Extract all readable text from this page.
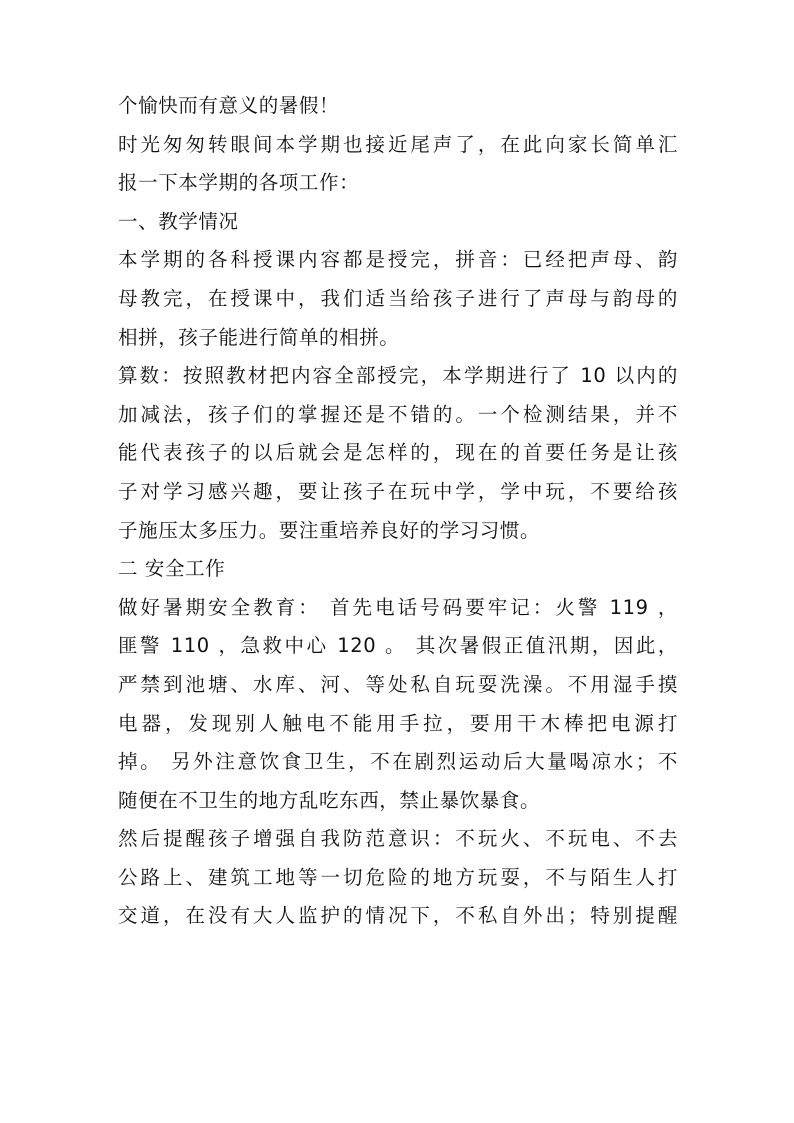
个愉快而有意义的暑假！
时光匆匆转眼间本学期也接近尾声了，在此向家长简单汇
报一下本学期的各项工作：
一、教学情况
本学期的各科授课内容都是授完，拼音：已经把声母、韵
母教完，在授课中，我们适当给孩子进行了声母与韵母的
相拼，孩子能进行简单的相拼。
算数：按照教材把内容全部授完，本学期进行了 10 以内的
加减法，孩子们的掌握还是不错的。一个检测结果，并不
能代表孩子的以后就会是怎样的，现在的首要任务是让孩
子对学习感兴趣，要让孩子在玩中学，学中玩，不要给孩
子施压太多压力。要注重培养良好的学习习惯。
二 安全工作
做好暑期安全教育： 首先电话号码要牢记：火警 119 ，
匪警 110 ，急救中心 120 。 其次暑假正值汛期，因此，
严禁到池塘、水库、河、等处私自玩耍洗澡。不用湿手摸
电器，发现别人触电不能用手拉，要用干木棒把电源打
掉。 另外注意饮食卫生，不在剧烈运动后大量喝凉水；不
随便在不卫生的地方乱吃东西，禁止暴饮暴食。
然后提醒孩子增强自我防范意识：不玩火、不玩电、不去
公路上、建筑工地等一切危险的地方玩耍，不与陌生人打
交道，在没有大人监护的情况下，不私自外出；特别提醒
